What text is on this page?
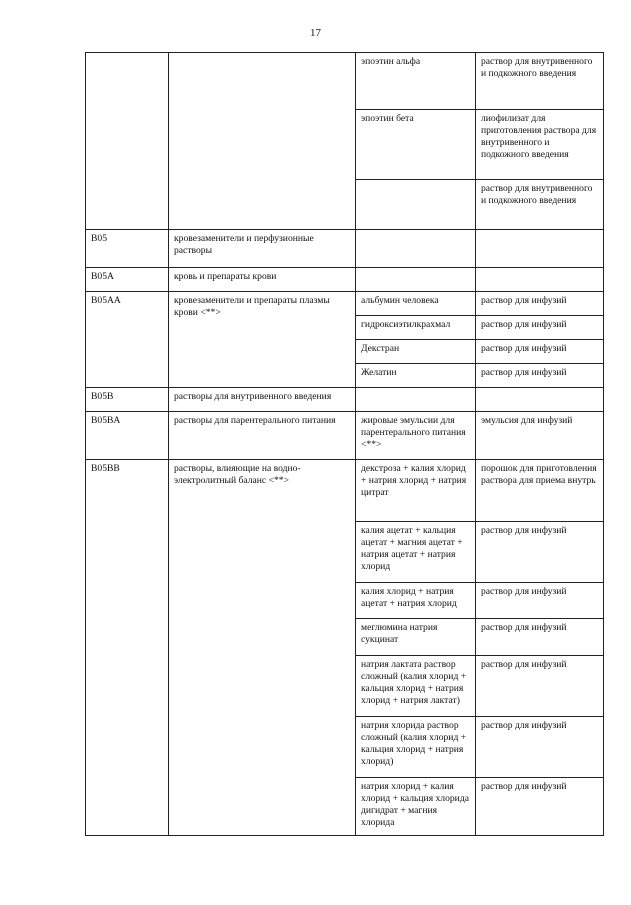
17
		эпоэтин альфа	раствор для внутривенного и подкожного введения
		эпоэтин бета	лиофилизат для приготовления раствора для внутривенного и подкожного введения
			раствор для внутривенного и подкожного введения
B05	кровезаменители и перфузионные растворы		
B05A	кровь и препараты крови		
B05AA	кровезаменители и препараты плазмы крови <**>	альбумин человека	раствор для инфузий
		гидроксиэтилкрахмал	раствор для инфузий
		Декстран	раствор для инфузий
		Желатин	раствор для инфузий
B05B	растворы для внутривенного введения		
B05BA	растворы для парентерального питания	жировые эмульсии для парентерального питания <**>	эмульсия для инфузий
B05BB	растворы, влияющие на водно-электролитный баланс <**>	декстроза + калия хлорид + натрия хлорид + натрия цитрат	порошок для приготовления раствора для приема внутрь
		калия ацетат + кальция ацетат + магния ацетат + натрия ацетат + натрия хлорид	раствор для инфузий
		калия хлорид + натрия ацетат + натрия хлорид	раствор для инфузий
		меглюмина натрия сукцинат	раствор для инфузий
		натрия лактата раствор сложный (калия хлорид + кальция хлорид + натрия хлорид + натрия лактат)	раствор для инфузий
		натрия хлорида раствор сложный (калия хлорид + кальция хлорид + натрия хлорид)	раствор для инфузий
		натрия хлорид + калия хлорид + кальция хлорида дигидрат + магния хлорида	раствор для инфузий
